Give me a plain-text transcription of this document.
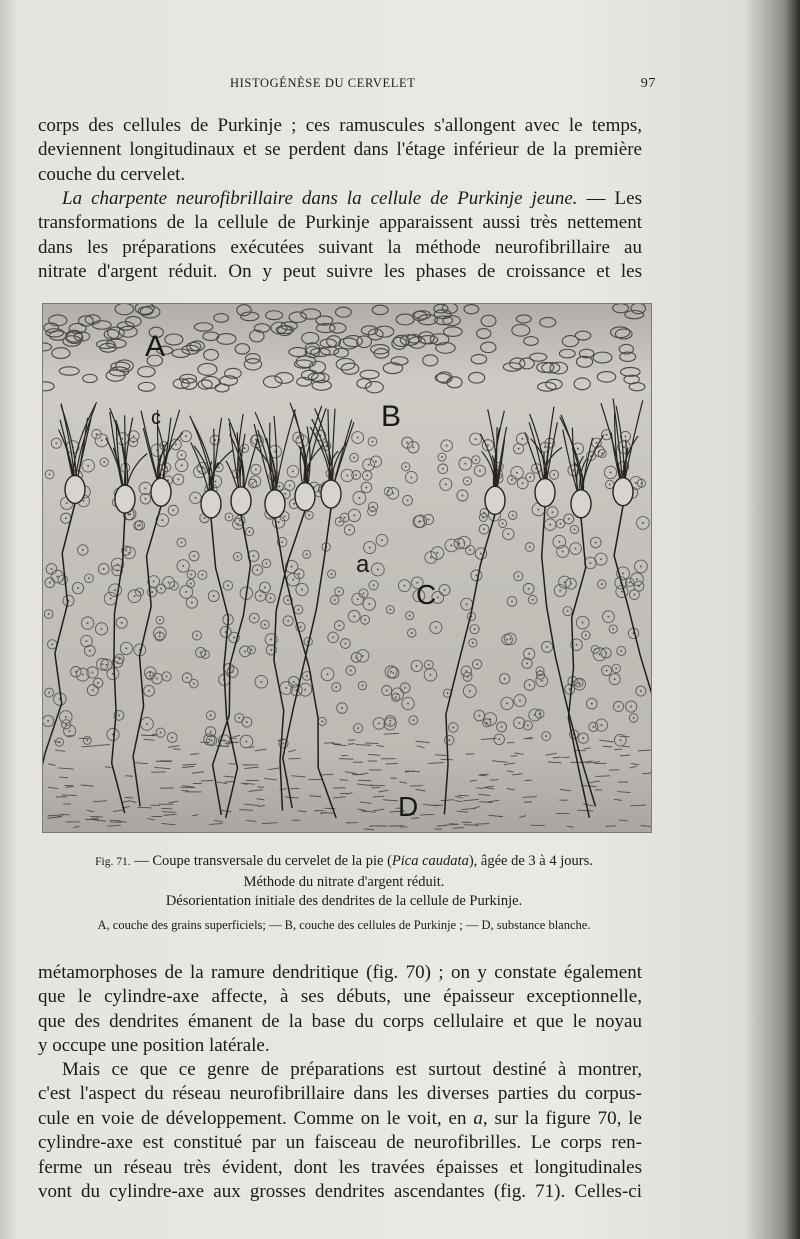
HISTOGÉNÈSE DU CERVELET	97
corps des cellules de Purkinje ; ces ramuscules s'allongent avec le temps,
deviennent longitudinaux et se perdent dans l'étage inférieur de la première
couche du cervelet.
La charpente neurofibrillaire dans la cellule de Purkinje jeune. — Les
transformations de la cellule de Purkinje apparaissent aussi très nettement
dans les préparations exécutées suivant la méthode neurofibrillaire au
nitrate d'argent réduit. On y peut suivre les phases de croissance et les
A
B
C
c
a
D
Fig. 71. — Coupe transversale du cervelet de la pie (Pica caudata), âgée de 3 à 4 jours.
Méthode du nitrate d'argent réduit.
Désorientation initiale des dendrites de la cellule de Purkinje.
A, couche des grains superficiels; — B, couche des cellules de Purkinje ; — D, substance blanche.
métamorphoses de la ramure dendritique (fig. 70) ; on y constate également
que le cylindre-axe affecte, à ses débuts, une épaisseur exceptionnelle,
que des dendrites émanent de la base du corps cellulaire et que le noyau
y occupe une position latérale.
Mais ce que ce genre de préparations est surtout destiné à montrer,
c'est l'aspect du réseau neurofibrillaire dans les diverses parties du corpus-
cule en voie de développement. Comme on le voit, en a, sur la figure 70, le
cylindre-axe est constitué par un faisceau de neurofibrilles. Le corps ren-
ferme un réseau très évident, dont les travées épaisses et longitudinales
vont du cylindre-axe aux grosses dendrites ascendantes (fig. 71). Celles-ci
